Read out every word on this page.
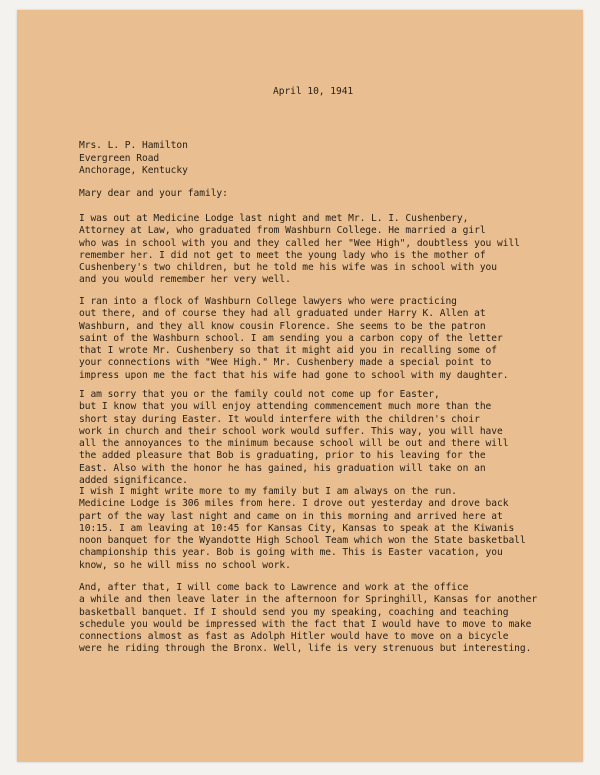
April 10, 1941
Mrs. L. P. Hamilton
Evergreen Road
Anchorage, Kentucky
Mary dear and your family:
I was out at Medicine Lodge last night and met Mr. L. I. Cushenbery,
Attorney at Law, who graduated from Washburn College. He married a girl
who was in school with you and they called her "Wee High", doubtless you will
remember her. I did not get to meet the young lady who is the mother of
Cushenbery's two children, but he told me his wife was in school with you
and you would remember her very well.
I ran into a flock of Washburn College lawyers who were practicing
out there, and of course they had all graduated under Harry K. Allen at
Washburn, and they all know cousin Florence. She seems to be the patron
saint of the Washburn school. I am sending you a carbon copy of the letter
that I wrote Mr. Cushenbery so that it might aid you in recalling some of
your connections with "Wee High." Mr. Cushenbery made a special point to
impress upon me the fact that his wife had gone to school with my daughter.
I am sorry that you or the family could not come up for Easter,
but I know that you will enjoy attending commencement much more than the
short stay during Easter. It would interfere with the children's choir
work in church and their school work would suffer. This way, you will have
all the annoyances to the minimum because school will be out and there will
the added pleasure that Bob is graduating, prior to his leaving for the
East. Also with the honor he has gained, his graduation will take on an
added significance.
I wish I might write more to my family but I am always on the run.
Medicine Lodge is 306 miles from here. I drove out yesterday and drove back
part of the way last night and came on in this morning and arrived here at
10:15. I am leaving at 10:45 for Kansas City, Kansas to speak at the Kiwanis
noon banquet for the Wyandotte High School Team which won the State basketball
championship this year. Bob is going with me. This is Easter vacation, you
know, so he will miss no school work.
And, after that, I will come back to Lawrence and work at the office
a while and then leave later in the afternoon for Springhill, Kansas for another
basketball banquet. If I should send you my speaking, coaching and teaching
schedule you would be impressed with the fact that I would have to move to make
connections almost as fast as Adolph Hitler would have to move on a bicycle
were he riding through the Bronx. Well, life is very strenuous but interesting.
